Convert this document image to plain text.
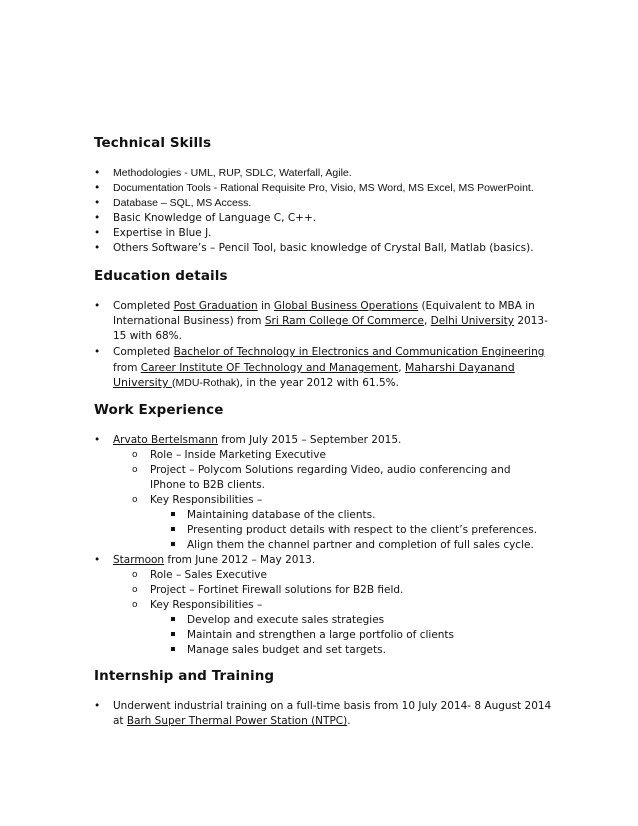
Technical Skills
•	Methodologies - UML, RUP, SDLC, Waterfall, Agile.
•	Documentation Tools - Rational Requisite Pro, Visio, MS Word, MS Excel, MS PowerPoint.
•	Database – SQL, MS Access.
•	Basic Knowledge of Language C, C++.
•	Expertise in Blue J.
•	Others Software’s – Pencil Tool, basic knowledge of Crystal Ball, Matlab (basics).
Education details
•	Completed Post Graduation in Global Business Operations (Equivalent to MBA in
International Business) from Sri Ram College Of Commerce, Delhi University 2013-
15 with 68%.
•	Completed Bachelor of Technology in Electronics and Communication Engineering
from Career Institute OF Technology and Management, Maharshi Dayanand
University (MDU-Rothak), in the year 2012 with 61.5%.
Work Experience
•	Arvato Bertelsmann from July 2015 – September 2015.
o Role – Inside Marketing Executive
o Project – Polycom Solutions regarding Video, audio conferencing and
IPhone to B2B clients.
o Key Responsibilities –
Maintaining database of the clients.
Presenting product details with respect to the client’s preferences.
Align them the channel partner and completion of full sales cycle.
•	Starmoon from June 2012 – May 2013.
o Role – Sales Executive
o Project – Fortinet Firewall solutions for B2B field.
o Key Responsibilities –
Develop and execute sales strategies
Maintain and strengthen a large portfolio of clients
Manage sales budget and set targets.
Internship and Training
•	Underwent industrial training on a full-time basis from 10 July 2014- 8 August 2014
at Barh Super Thermal Power Station (NTPC).
